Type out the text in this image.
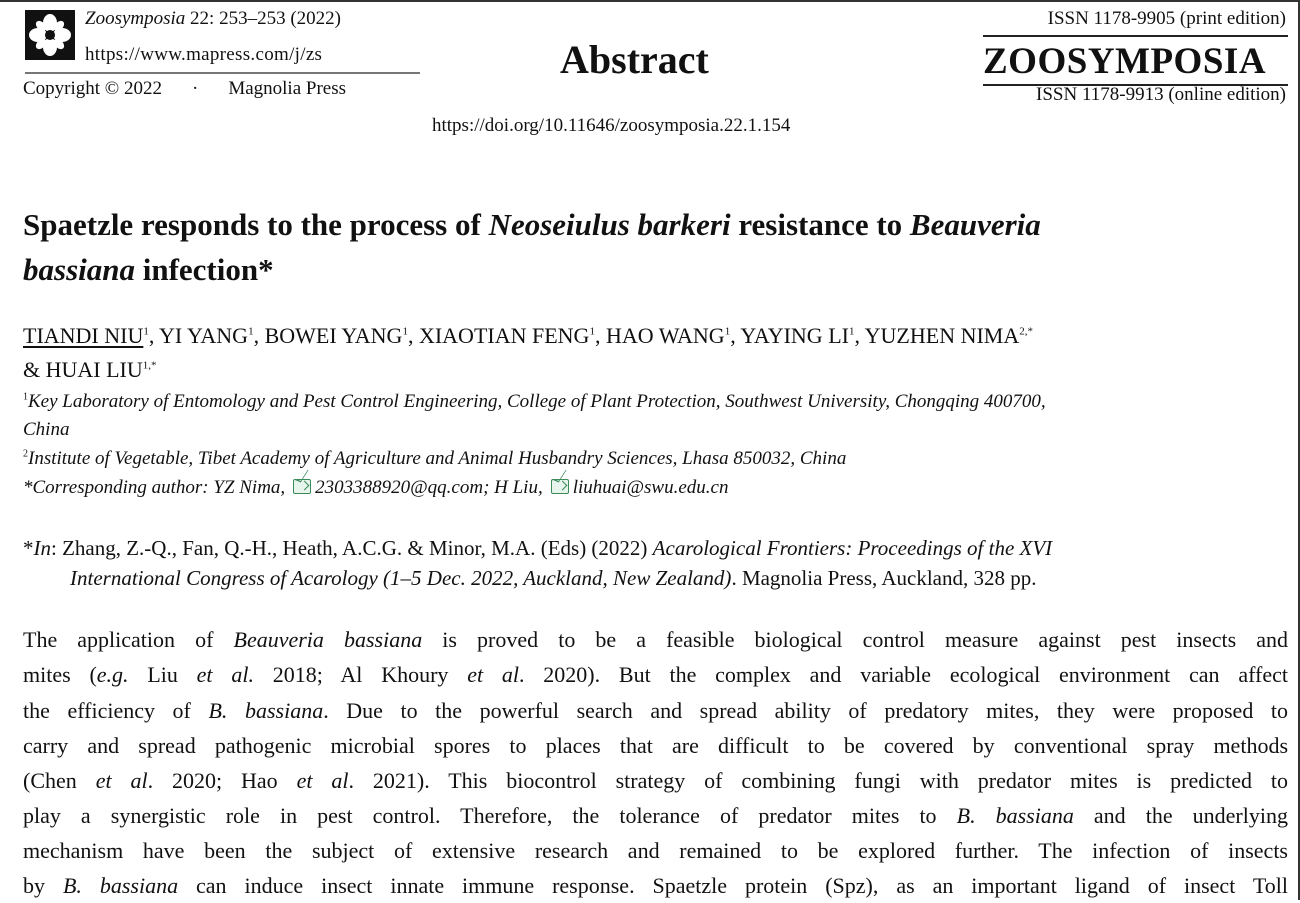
Zoosymposia 22: 253–253 (2022)
https://www.mapress.com/j/zs
Copyright © 2022 · Magnolia Press
Abstract
https://doi.org/10.11646/zoosymposia.22.1.154
ISSN 1178-9905 (print edition)
ZOOSYMPOSIA
ISSN 1178-9913 (online edition)
Spaetzle responds to the process of Neoseiulus barkeri resistance to Beauveria
bassiana infection*

TIANDI NIU$^1$, YI YANG$^1$, BOWEI YANG$^1$, XIAOTIAN FENG$^1$, HAO WANG$^1$, YAYING $LI^1$, YUZHEN $NIMA^{2,*}$
& HUAI $LIU^{1,*}$

$^1$Key Laboratory of Entomology and Pest Control Engineering, College of Plant Protection, Southwest University, Chongqing 400700,

China

$^2$Institute of Vegetable, Tibet Academy of Agriculture and Animal Husbandry Sciences, Lhasa 850032, China

*Corresponding author: YZ Nima, 2303388920@qq.com; H Liu, liuhuai@swu.edu.cn

*In: Zhang, Z.-Q., Fan, Q.-H., Heath, A.C.G. & Minor, M.A. (Eds) (2022) Acarological Frontiers: Proceedings of the XVI

International Congress of Acarology (1–5 Dec. 2022, Auckland, New Zealand). Magnolia Press, Auckland, 328 pp.
The application of Beauveria bassiana is proved to be a feasible biological control measure against pest insects and
mites (e.g. Liu et al. 2018; Al Khoury et al. 2020). But the complex and variable ecological environment can affect
the efficiency of B. bassiana. Due to the powerful search and spread ability of predatory mites, they were proposed to
carry and spread pathogenic microbial spores to places that are difficult to be covered by conventional spray methods
(Chen et al. 2020; Hao et al. 2021). This biocontrol strategy of combining fungi with predator mites is predicted to
play a synergistic role in pest control. Therefore, the tolerance of predator mites to B. bassiana and the underlying
mechanism have been the subject of extensive research and remained to be explored further. The infection of insects
by B. bassiana can induce insect innate immune response. Spaetzle protein (Spz), as an important ligand of insect Toll
